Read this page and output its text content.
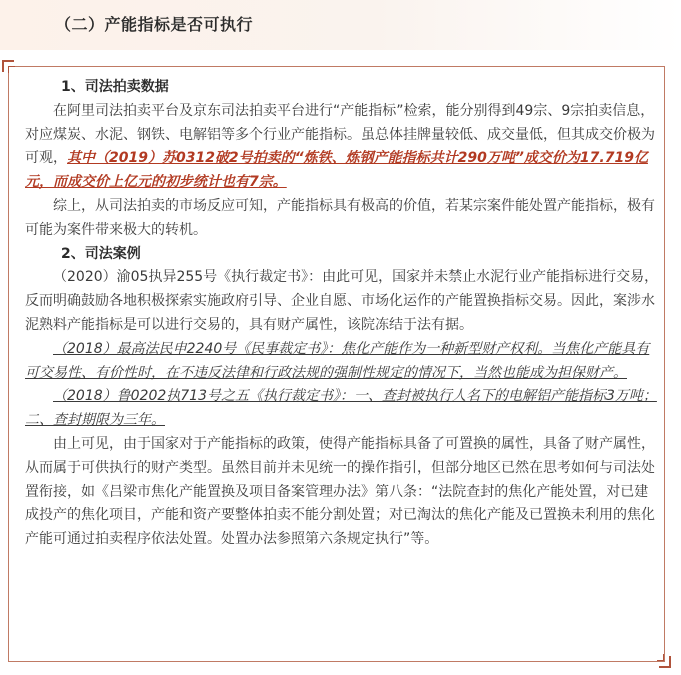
（二）产能指标是否可执行

1、司法拍卖数据

在阿里司法拍卖平台及京东司法拍卖平台进行“产能指标”检索，能分别得到49宗、9宗拍卖信息，对应煤炭、水泥、钢铁、电解铝等多个行业产能指标。虽总体挂牌量较低、成交量低，但其成交价极为可观，其中（2019）苏0312破2号拍卖的“炼铁、炼钢产能指标共计290万吨”成交价为17.719亿元，而成交价上亿元的初步统计也有7宗。

综上，从司法拍卖的市场反应可知，产能指标具有极高的价值，若某宗案件能处置产能指标，极有可能为案件带来极大的转机。

2、司法案例

（2020）渝05执异255号《执行裁定书》：由此可见，国家并未禁止水泥行业产能指标进行交易，反而明确鼓励各地积极探索实施政府引导、企业自愿、市场化运作的产能置换指标交易。因此，案涉水泥熟料产能指标是可以进行交易的，具有财产属性，该院冻结于法有据。

（2018）最高法民申2240号《民事裁定书》：焦化产能作为一种新型财产权利。当焦化产能具有可交易性、有价性时，在不违反法律和行政法规的强制性规定的情况下，当然也能成为担保财产。

（2018）鲁0202执713号之五《执行裁定书》：一、查封被执行人名下的电解铝产能指标3万吨；二、查封期限为三年。

由上可见，由于国家对于产能指标的政策，使得产能指标具备了可置换的属性，具备了财产属性，从而属于可供执行的财产类型。虽然目前并未见统一的操作指引，但部分地区已然在思考如何与司法处置衔接，如《吕梁市焦化产能置换及项目备案管理办法》第八条：“法院查封的焦化产能处置，对已建成投产的焦化项目，产能和资产要整体拍卖不能分割处置；对已淘汰的焦化产能及已置换未利用的焦化产能可通过拍卖程序依法处置。处置办法参照第六条规定执行”等。
